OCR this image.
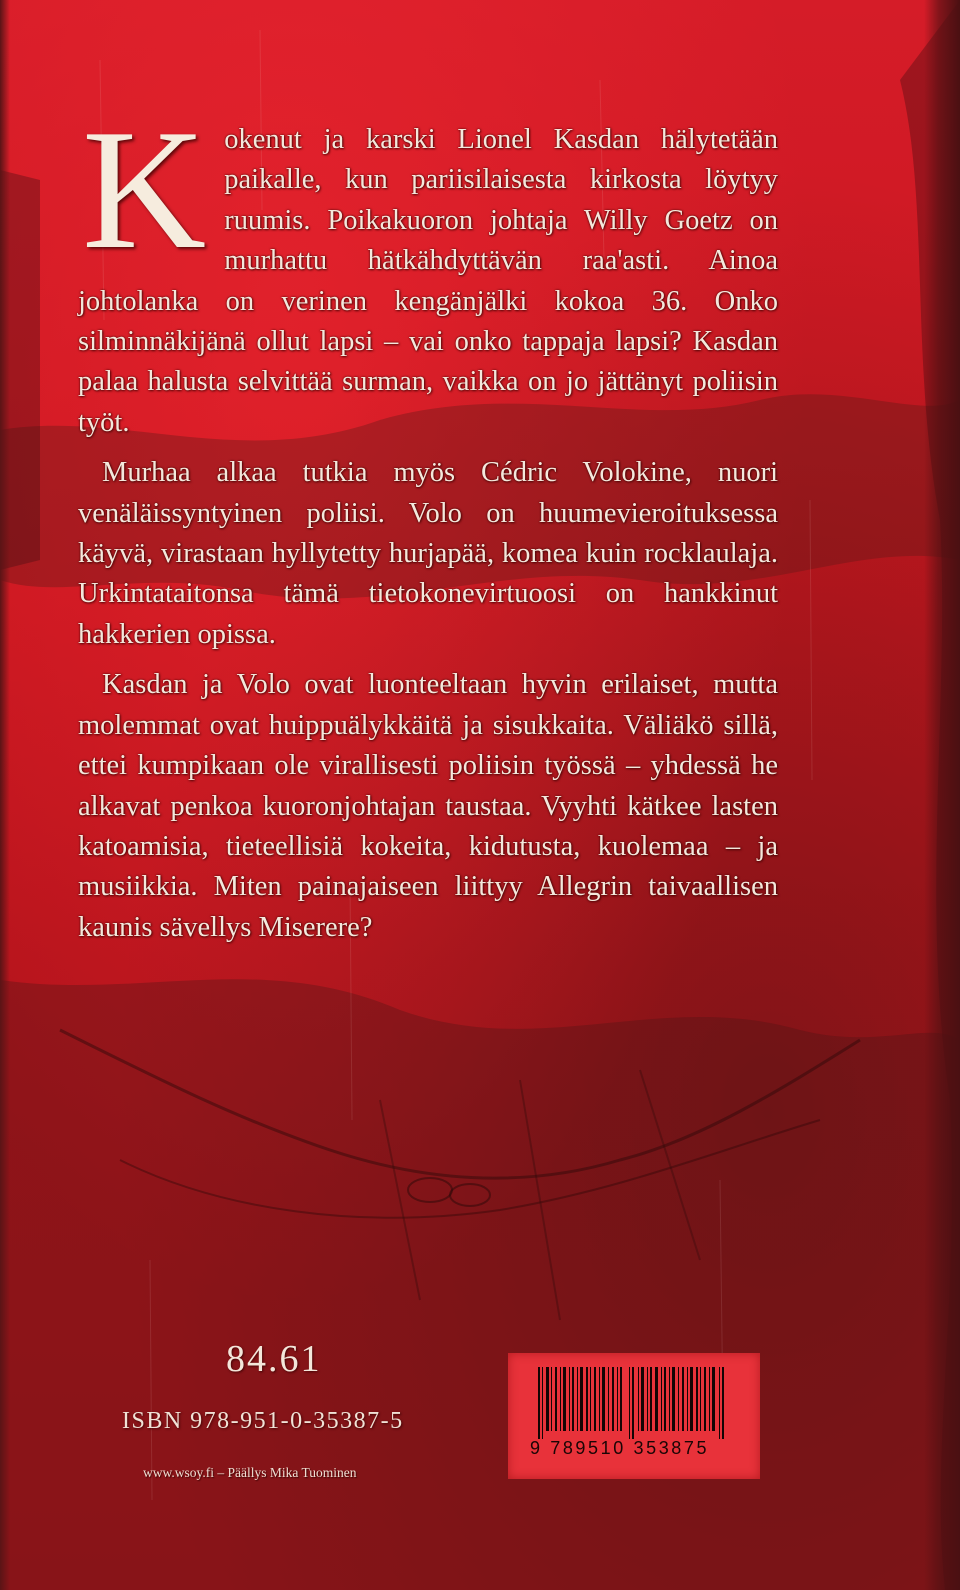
Kokenut ja karski Lionel Kasdan hälytetään paikalle, kun pariisilaisesta kirkosta löytyy ruumis. Poikakuoron johtaja Willy Goetz on murhattu hätkähdyttävän raa'asti. Ainoa johtolanka on verinen kengänjälki kokoa 36. Onko silminnäkijänä ollut lapsi – vai onko tappaja lapsi? Kasdan palaa halusta selvittää surman, vaikka on jo jättänyt poliisin työt.

Murhaa alkaa tutkia myös Cédric Volokine, nuori venäläissyntyinen poliisi. Volo on huumevieroituksessa käyvä, virastaan hyllytetty hurjapää, komea kuin rocklaulaja. Urkintataitonsa tämä tietokonevirtuoosi on hankkinut hakkerien opissa.

Kasdan ja Volo ovat luonteeltaan hyvin erilaiset, mutta molemmat ovat huippuälykkäitä ja sisukkaita. Väliäkö sillä, ettei kumpikaan ole virallisesti poliisin työssä – yhdessä he alkavat penkoa kuoronjohtajan taustaa. Vyyhti kätkee lasten katoamisia, tieteellisiä kokeita, kidutusta, kuolemaa – ja musiikkia. Miten painajaiseen liittyy Allegrin taivaallisen kaunis sävellys Miserere?

84.61
ISBN 978-951-0-35387-5
www.wsoy.fi – Päällys Mika Tuominen
9 789510 353875
